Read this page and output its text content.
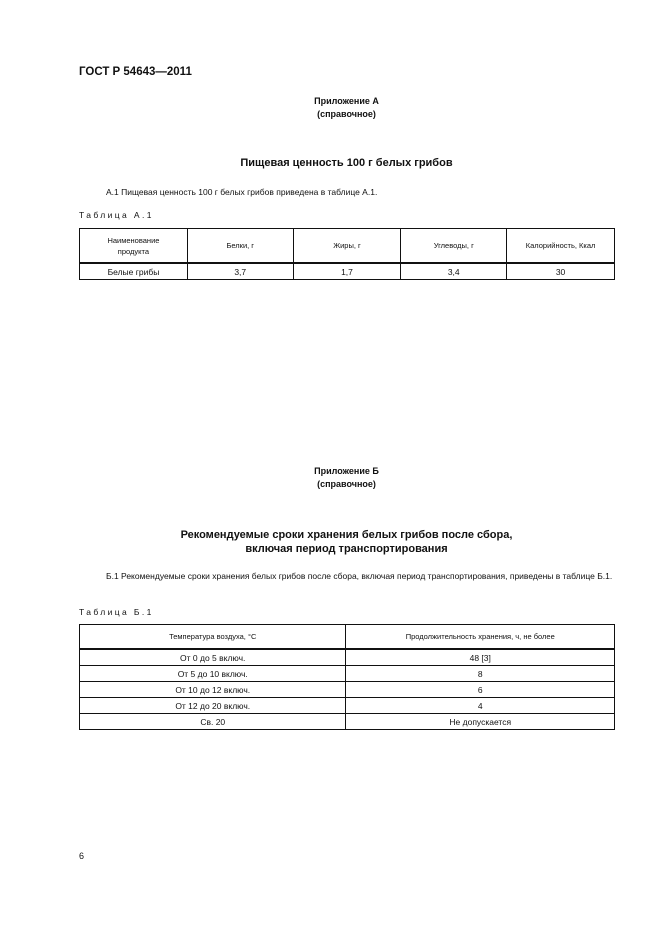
ГОСТ Р 54643—2011
Приложение А
(справочное)
Пищевая ценность 100 г белых грибов
А.1 Пищевая ценность 100 г белых грибов приведена в таблице А.1.
Таблица А.1
Наименование продукта	Белки, г	Жиры, г	Углеводы, г	Калорийность, Ккал
Белые грибы	3,7	1,7	3,4	30
Приложение Б
(справочное)
Рекомендуемые сроки хранения белых грибов после сбора,
включая период транспортирования
Б.1 Рекомендуемые сроки хранения белых грибов после сбора, включая период транспортирования, приведены в таблице Б.1.
Таблица Б.1
Температура воздуха, °С	Продолжительность хранения, ч, не более
От 0 до 5 включ.	48 [3]
От 5 до 10 включ.	8
От 10 до 12 включ.	6
От 12 до 20 включ.	4
Св. 20	Не допускается
6
